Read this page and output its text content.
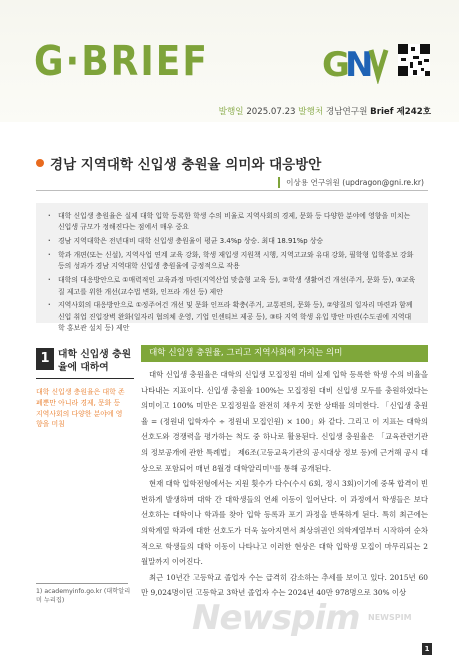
G·BRIEF	G
N
발행일 2025.07.23 발행처 경남연구원 Brief 제242호
경남 지역대학 신입생 충원율 의미와 대응방안
이상용 연구위원 (updragon@gni.re.kr)
· 대학 신입생 충원율은 실제 대학 입학 등록한 학생 수의 비율로 지역사회의 경제, 문화 등 다양한 분야에 영향을 미치는 신입생 규모가 정해진다는 점에서 매우 중요
· 경남 지역대학은 전년대비 대학 신입생 충원율이 평균 3.4%p 상승. 최대 18.91%p 상승
· 학과 개편(또는 신설), 지역사업 연계 교육 강화, 학생 재입생 지원책 시행, 지역고교와 유대 강화, 필학형 입학홍보 강화 등의 성과가 경남 지역대학 신입생 충원율에 긍정적으로 작용
· 대학의 대응방안으로 ①매력적인 교육과정 마련(지역산업 맞춤형 교육 등), ②학생 생활여건 개선(주거, 문화 등), ③교육 질 제고를 위한 개선(교수법 변화, 인프라 개선 등) 제안
· 지역사회의 대응방안으로 ①정주여건 개선 및 문화 인프라 확충(주거, 교통편의, 문화 등), ②양질의 일자리 마련과 함께 신입 취업 진입장벽 완화(일자리 협의체 운영, 기업 인센티브 제공 등), ③타 지역 학생 유입 방안 마련(수도권에 지역대학 홍보관 설치 등) 제안
1 대학 신입생 충원율에 대하여
대학 신입생 충원율은 대학 존폐뿐만 아니라 경제, 문화 등 지역사회의 다양한 분야에 영향을 미침
대학 신입생 충원율, 그리고 지역사회에 가지는 의미

대학 신입생 충원율은 대학의 신입생 모집정원 대비 실제 입학 등록한 학생 수의 비율을 나타내는 지표이다. 신입생 충원율 100%는 모집정원 대비 신입생 모두를 충원하였다는 의미이고 100% 미만은 모집정원을 완전히 채우지 못한 상태를 의미한다. 「신입생 충원율 = (정원내 입학자수 ÷ 정원내 모집인원) × 100」와 같다. 그리고 이 지표는 대학의 선호도와 경쟁력을 평가하는 척도 중 하나로 활용된다. 신입생 충원율은 「교육관련기관의 정보공개에 관한 특례법」 제6조(고등교육기관의 공시대상 정보 등)에 근거해 공시 대상으로 포함되어 매년 8월경 대학알리미¹⁾를 통해 공개된다.

현재 대학 입학전형에서는 지원 횟수가 다수(수시 6회, 정시 3회)이기에 중복 합격이 빈번하게 발생하며 대학 간 대학생들의 연쇄 이동이 일어난다. 이 과정에서 학생들은 보다 선호하는 대학이나 학과를 찾아 입학 등록과 포기 과정을 반복하게 된다. 특히 최근에는 의학계열 학과에 대한 선호도가 더욱 높아지면서 최상위권인 의학계열부터 시작하여 순차적으로 학생들의 대학 이동이 나타나고 이러한 현상은 대학 입학생 모집이 마무리되는 2월말까지 이어진다.

최근 10년간 고등학교 졸업자 수는 급격히 감소하는 추세를 보이고 있다. 2015년 60만 9,024명이던 고등학교 3학년 졸업자 수는 2024년 40만 978명으로 30% 이상

1) academyinfo.go.kr (대학알리미 누리집)	Newspim NEWSPIM
1
